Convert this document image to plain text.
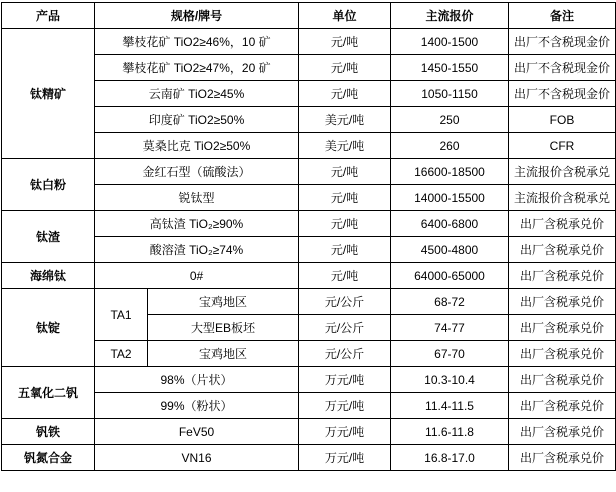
产品	规格/牌号		单位	主流报价	备注
钛精矿	攀枝花矿 TiO2≥46%，10 矿		元/吨	1400-1500	出厂不含税现金价
	攀枝花矿 TiO2≥47%，20 矿		元/吨	1450-1550	出厂不含税现金价
	云南矿 TiO2≥45%		元/吨	1050-1150	出厂不含税现金价
	印度矿 TiO2≥50%		美元/吨	250	FOB
	莫桑比克 TiO2≥50%		美元/吨	260	CFR
钛白粉	金红石型（硫酸法）		元/吨	16600-18500	主流报价含税承兑
	锐钛型		元/吨	14000-15500	主流报价含税承兑
钛渣	高钛渣 TiO₂≥90%		元/吨	6400-6800	出厂含税承兑价
	酸溶渣 TiO₂≥74%		元/吨	4500-4800	出厂含税承兑价
海绵钛	0#		元/吨	64000-65000	出厂含税承兑价
钛锭	TA1	宝鸡地区	元/公斤	68-72	出厂含税承兑价
		大型EB板坯	元/公斤	74-77	出厂含税承兑价
	TA2	宝鸡地区	元/公斤	67-70	出厂含税承兑价
五氧化二钒	98%（片状）		万元/吨	10.3-10.4	出厂含税承兑价
	99%（粉状）		万元/吨	11.4-11.5	出厂含税承兑价
钒铁	FeV50		万元/吨	11.6-11.8	出厂含税承兑价
钒氮合金	VN16		万元/吨	16.8-17.0	出厂含税承兑价
